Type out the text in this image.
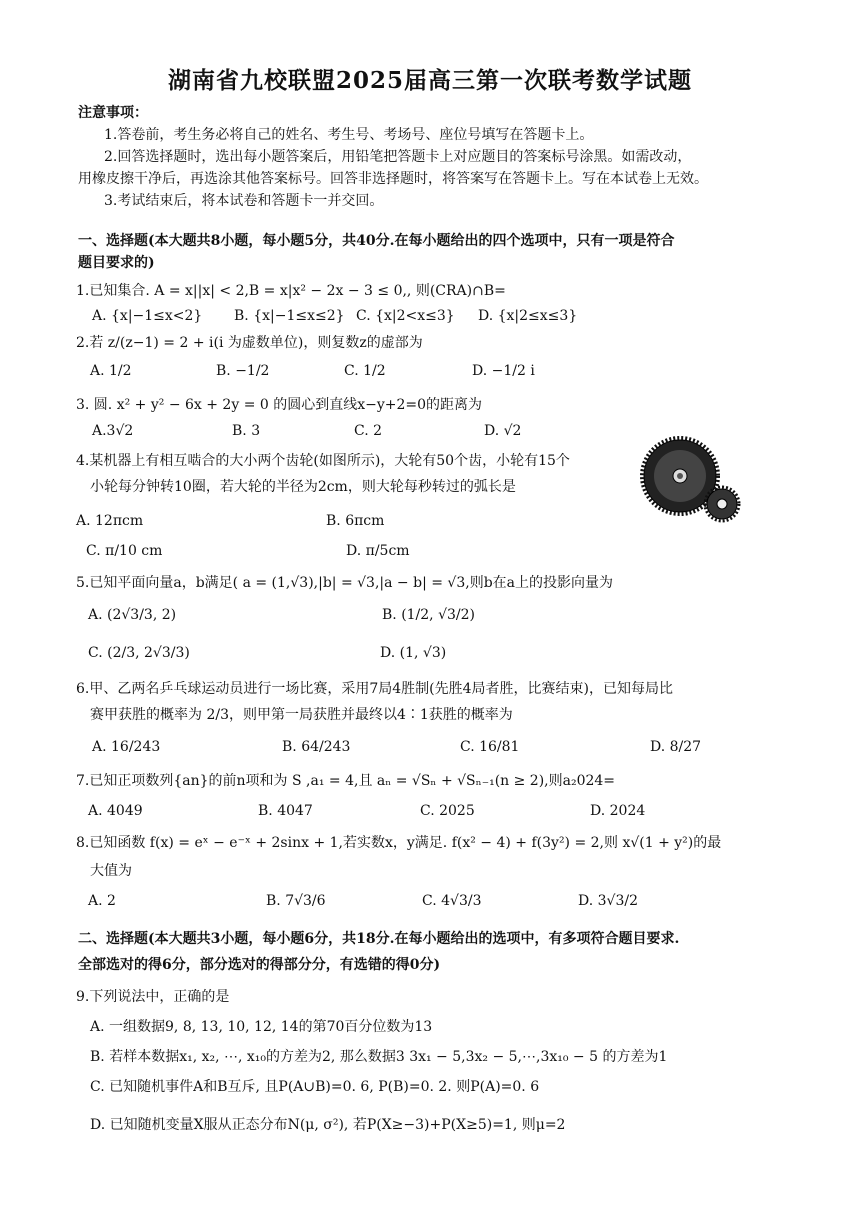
湖南省九校联盟2025届高三第一次联考数学试题
注意事项：
1.答卷前，考生务必将自己的姓名、考生号、考场号、座位号填写在答题卡上。
2.回答选择题时，选出每小题答案后，用铅笔把答题卡上对应题目的答案标号涂黑。如需改动，
用橡皮擦干净后，再选涂其他答案标号。回答非选择题时，将答案写在答题卡上。写在本试卷上无效。
3.考试结束后，将本试卷和答题卡一并交回。
一、选择题(本大题共8小题，每小题5分，共40分.在每小题给出的四个选项中，只有一项是符合
题目要求的)
1.已知集合. A = x||x| < 2,B = x|x² − 2x − 3 ≤ 0,, 则(CRA)∩B=
A. {x|−1≤x<2} B. {x|−1≤x≤2} C. {x|2<x≤3} D. {x|2≤x≤3}
2.若 z/(z−1) = 2 + i(i 为虚数单位)，则复数z的虚部为
A. 1/2	B. −1/2	C. 1/2	D. −1/2 i
3. 圆. x² + y² − 6x + 2y = 0 的圆心到直线x−y+2=0的距离为
A.3√2	B. 3	C. 2	D. √2
4.某机器上有相互啮合的大小两个齿轮(如图所示)，大轮有50个齿，小轮有15个
小轮每分钟转10圈，若大轮的半径为2cm，则大轮每秒转过的弧长是
A. 12πcm	B. 6πcm
C. π/10 cm	D. π/5cm
5.已知平面向量a，b满足( a = (1,√3),|b| = √3,|a − b| = √3,则b在a上的投影向量为
A. (2√3/3, 2)	B. (1/2, √3/2)
C. (2/3, 2√3/3)	D. (1, √3)
6.甲、乙两名乒乓球运动员进行一场比赛，采用7局4胜制(先胜4局者胜，比赛结束)，已知每局比
赛甲获胜的概率为 2/3，则甲第一局获胜并最终以4∶1获胜的概率为
A. 16/243	B. 64/243	C. 16/81	D. 8/27
7.已知正项数列{an}的前n项和为 S ,a₁ = 4,且 aₙ = √Sₙ + √Sₙ₋₁(n ≥ 2),则a₂024=
A. 4049	B. 4047	C. 2025	D. 2024
8.已知函数 f(x) = eˣ − e⁻ˣ + 2sinx + 1,若实数x，y满足. f(x² − 4) + f(3y²) = 2,则 x√(1 + y²)的最
大值为
A. 2	B. 7√3/6	C. 4√3/3	D. 3√3/2
二、选择题(本大题共3小题，每小题6分，共18分.在每小题给出的选项中，有多项符合题目要求.
全部选对的得6分，部分选对的得部分分，有选错的得0分)
9.下列说法中，正确的是
A. 一组数据9, 8, 13, 10, 12, 14的第70百分位数为13
B. 若样本数据x₁, x₂, ⋯, x₁₀的方差为2, 那么数据3 3x₁ − 5,3x₂ − 5,⋯,3x₁₀ − 5 的方差为1
C. 已知随机事件A和B互斥, 且P(A∪B)=0. 6, P(B)=0. 2. 则P(A)=0. 6
D. 已知随机变量X服从正态分布N(μ, σ²), 若P(X≥−3)+P(X≥5)=1, 则μ=2
